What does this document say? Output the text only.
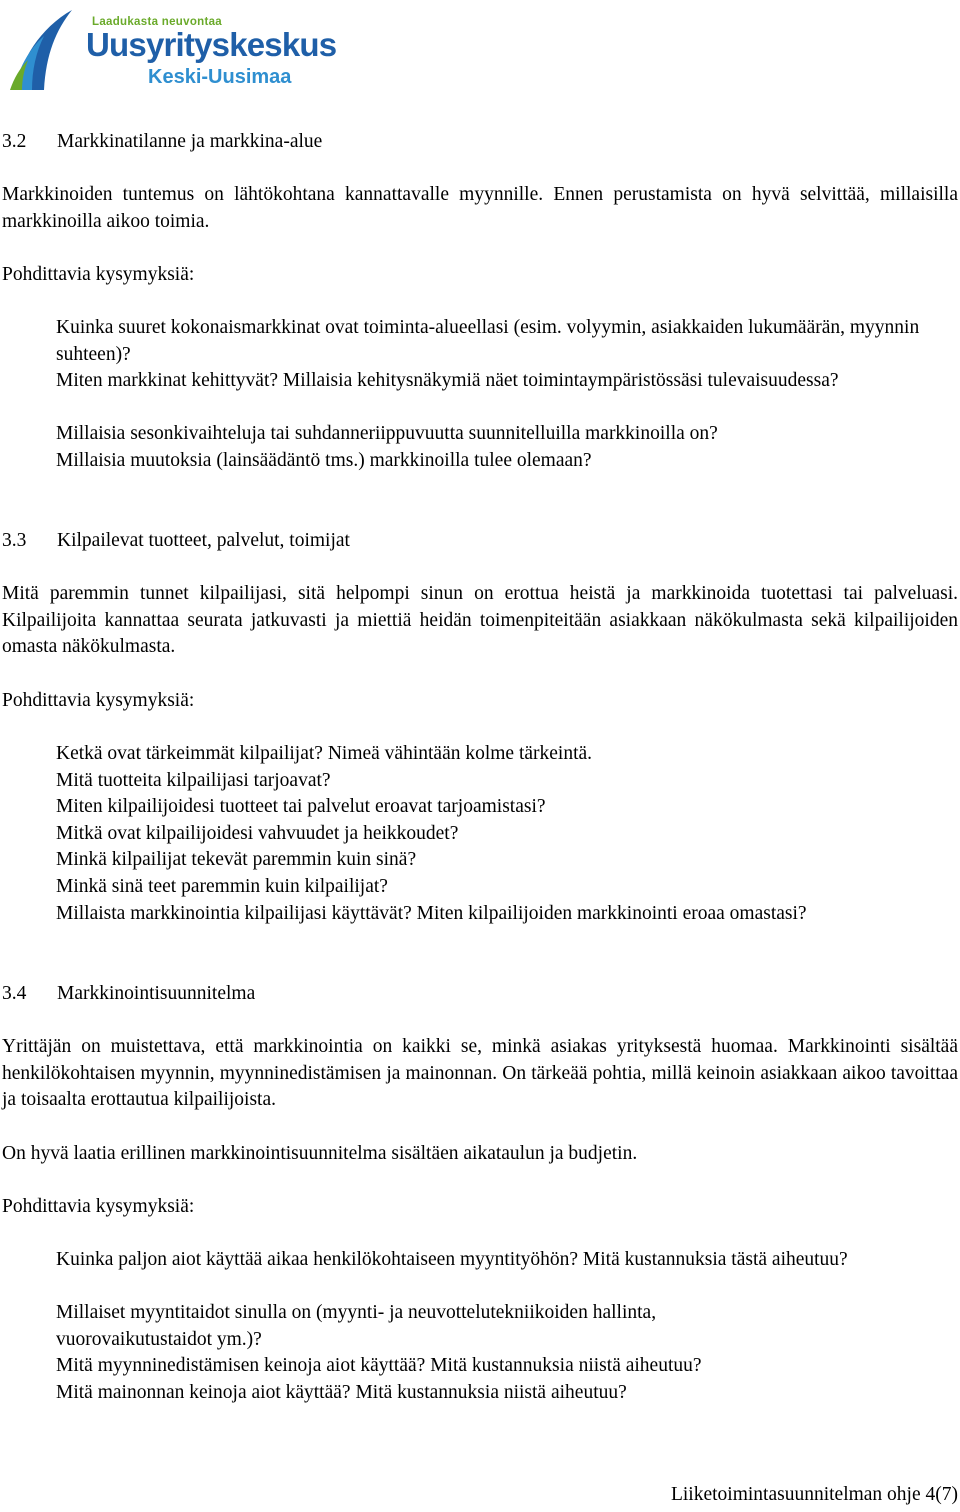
Laadukasta neuvontaa
Uusyrityskeskus
Keski-Uusimaa
3.2 Markkinatilanne ja markkina-alue
Markkinoiden tuntemus on lähtökohtana kannattavalle myynnille. Ennen perustamista on hyvä selvittää, millaisilla markkinoilla aikoo toimia.
Pohdittavia kysymyksiä:
Kuinka suuret kokonaismarkkinat ovat toiminta-alueellasi (esim. volyymin, asiakkaiden lukumäärän, myynnin suhteen)?
Miten markkinat kehittyvät? Millaisia kehitysnäkymiä näet toimintaympäristössäsi tulevaisuudessa?
Millaisia sesonkivaihteluja tai suhdanneriippuvuutta suunnitelluilla markkinoilla on?
Millaisia muutoksia (lainsäädäntö tms.) markkinoilla tulee olemaan?
3.3 Kilpailevat tuotteet, palvelut, toimijat
Mitä paremmin tunnet kilpailijasi, sitä helpompi sinun on erottua heistä ja markkinoida tuotettasi tai palveluasi. Kilpailijoita kannattaa seurata jatkuvasti ja miettiä heidän toimenpiteitään asiakkaan näkökulmasta sekä kilpailijoiden omasta näkökulmasta.
Pohdittavia kysymyksiä:
Ketkä ovat tärkeimmät kilpailijat? Nimeä vähintään kolme tärkeintä.
Mitä tuotteita kilpailijasi tarjoavat?
Miten kilpailijoidesi tuotteet tai palvelut eroavat tarjoamistasi?
Mitkä ovat kilpailijoidesi vahvuudet ja heikkoudet?
Minkä kilpailijat tekevät paremmin kuin sinä?
Minkä sinä teet paremmin kuin kilpailijat?
Millaista markkinointia kilpailijasi käyttävät? Miten kilpailijoiden markkinointi eroaa omastasi?
3.4 Markkinointisuunnitelma
Yrittäjän on muistettava, että markkinointia on kaikki se, minkä asiakas yrityksestä huomaa. Markkinointi sisältää henkilökohtaisen myynnin, myynninedistämisen ja mainonnan. On tärkeää pohtia, millä keinoin asiakkaan aikoo tavoittaa ja toisaalta erottautua kilpailijoista.
On hyvä laatia erillinen markkinointisuunnitelma sisältäen aikataulun ja budjetin.
Pohdittavia kysymyksiä:
Kuinka paljon aiot käyttää aikaa henkilökohtaiseen myyntityöhön? Mitä kustannuksia tästä aiheutuu?
Millaiset myyntitaidot sinulla on (myynti- ja neuvottelutekniikoiden hallinta, vuorovaikutustaidot ym.)?
Mitä myynninedistämisen keinoja aiot käyttää? Mitä kustannuksia niistä aiheutuu?
Mitä mainonnan keinoja aiot käyttää? Mitä kustannuksia niistä aiheutuu?
Liiketoimintasuunnitelman ohje 4(7)
